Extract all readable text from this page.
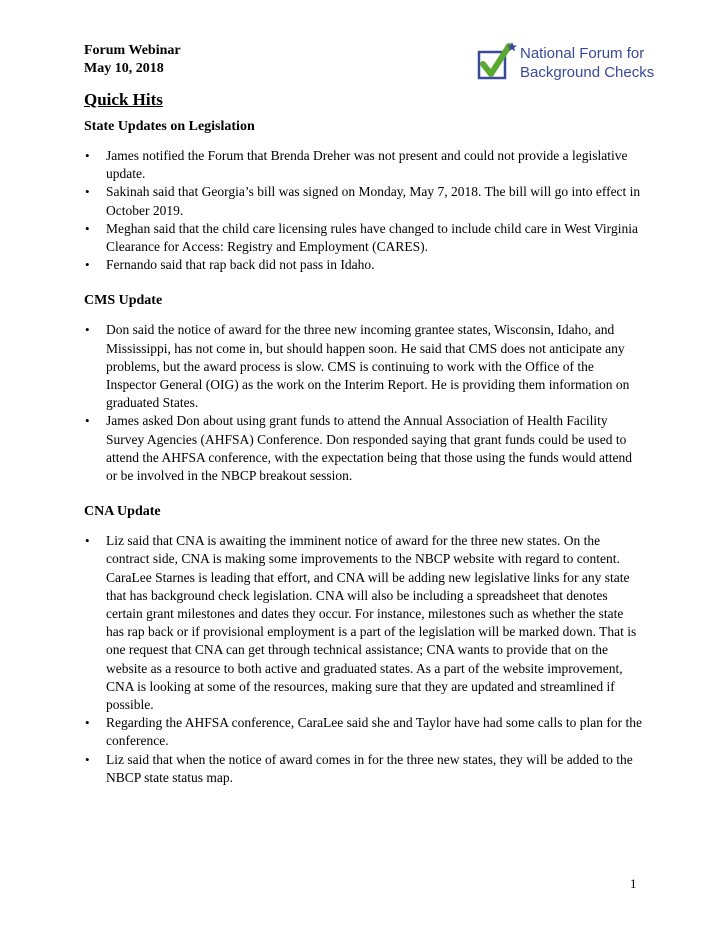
Forum Webinar
May 10, 2018
National Forum for
Background Checks
Quick Hits
State Updates on Legislation
• James notified the Forum that Brenda Dreher was not present and could not provide a legislative update.
• Sakinah said that Georgia’s bill was signed on Monday, May 7, 2018. The bill will go into effect in October 2019.
• Meghan said that the child care licensing rules have changed to include child care in West Virginia Clearance for Access: Registry and Employment (CARES).
• Fernando said that rap back did not pass in Idaho.
CMS Update
• Don said the notice of award for the three new incoming grantee states, Wisconsin, Idaho, and Mississippi, has not come in, but should happen soon. He said that CMS does not anticipate any problems, but the award process is slow. CMS is continuing to work with the Office of the Inspector General (OIG) as the work on the Interim Report. He is providing them information on graduated States.
• James asked Don about using grant funds to attend the Annual Association of Health Facility Survey Agencies (AHFSA) Conference. Don responded saying that grant funds could be used to attend the AHFSA conference, with the expectation being that those using the funds would attend or be involved in the NBCP breakout session.
CNA Update
• Liz said that CNA is awaiting the imminent notice of award for the three new states. On the contract side, CNA is making some improvements to the NBCP website with regard to content. CaraLee Starnes is leading that effort, and CNA will be adding new legislative links for any state that has background check legislation. CNA will also be including a spreadsheet that denotes certain grant milestones and dates they occur. For instance, milestones such as whether the state has rap back or if provisional employment is a part of the legislation will be marked down. That is one request that CNA can get through technical assistance; CNA wants to provide that on the website as a resource to both active and graduated states. As a part of the website improvement, CNA is looking at some of the resources, making sure that they are updated and streamlined if possible.
• Regarding the AHFSA conference, CaraLee said she and Taylor have had some calls to plan for the conference.
• Liz said that when the notice of award comes in for the three new states, they will be added to the NBCP state status map.
1
